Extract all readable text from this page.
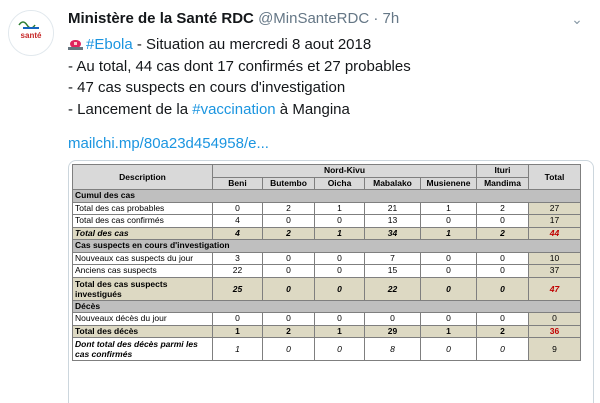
santé
Ministère de la Santé RDC @MinSanteRDC · 7h	⌄
#Ebola - Situation au mercredi 8 aout 2018
- Au total, 44 cas dont 17 confirmés et 27 probables
- 47 cas suspects en cours d'investigation
- Lancement de la #vaccination à Mangina
mailchi.mp/80a23d454958/e...
Description	Nord-Kivu					Ituri	Total
	Beni	Butembo	Oicha	Mabalako	Musienene	Mandima	
Cumul des cas							
Total des cas probables	0	2	1	21	1	2	27
Total des cas confirmés	4	0	0	13	0	0	17
Total des cas	4	2	1	34	1	2	44
Cas suspects en cours d'investigation							
Nouveaux cas suspects du jour	3	0	0	7	0	0	10
Anciens cas suspects	22	0	0	15	0	0	37
Total des cas suspects investigués	25	0	0	22	0	0	47
Décès							
Nouveaux décès du jour	0	0	0	0	0	0	0
Total des décès	1	2	1	29	1	2	36
Dont total des décès parmi les cas confirmés	1	0	0	8	0	0	9
